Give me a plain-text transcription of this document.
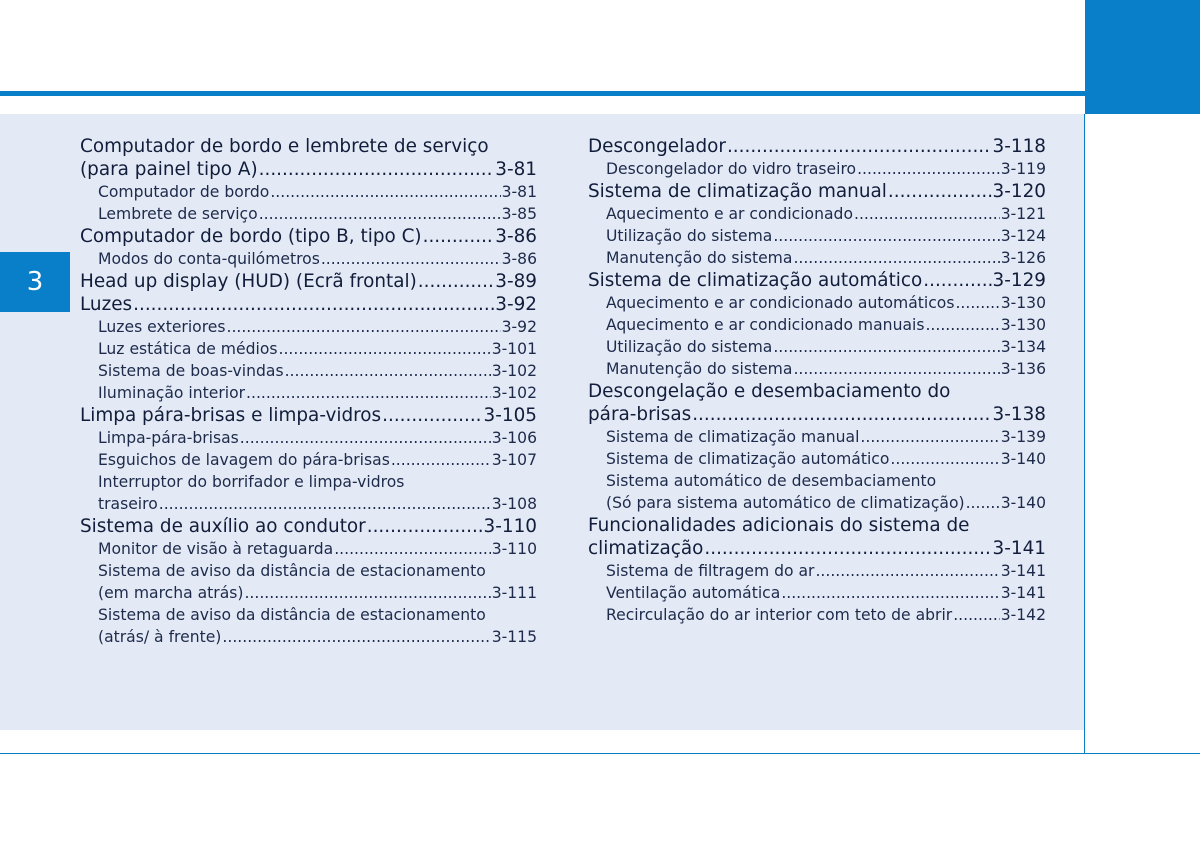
3
Computador de bordo e lembrete de serviço
(para painel tipo A) .....	3-81
Computador de bordo .....	3-81
Lembrete de serviço .....	3-85
Computador de bordo (tipo B, tipo C) .....	3-86
Modos do conta-quilómetros .....	3-86
Head up display (HUD) (Ecrã frontal) .....	3-89
Luzes .....	3-92
Luzes exteriores .....	3-92
Luz estática de médios .....	3-101
Sistema de boas-vindas .....	3-102
Iluminação interior .....	3-102
Limpa pára-brisas e limpa-vidros .....	3-105
Limpa-pára-brisas .....	3-106
Esguichos de lavagem do pára-brisas .....	3-107
Interruptor do borrifador e limpa-vidros
traseiro .....	3-108
Sistema de auxílio ao condutor .....	3-110
Monitor de visão à retaguarda .....	3-110
Sistema de aviso da distância de estacionamento
(em marcha atrás) .....	3-111
Sistema de aviso da distância de estacionamento
(atrás/ à frente) .....	3-115
Descongelador .....	3-118
Descongelador do vidro traseiro .....	3-119
Sistema de climatização manual .....	3-120
Aquecimento e ar condicionado .....	3-121
Utilização do sistema .....	3-124
Manutenção do sistema .....	3-126
Sistema de climatização automático .....	3-129
Aquecimento e ar condicionado automáticos .....	3-130
Aquecimento e ar condicionado manuais .....	3-130
Utilização do sistema .....	3-134
Manutenção do sistema .....	3-136
Descongelação e desembaciamento do
pára-brisas .....	3-138
Sistema de climatização manual .....	3-139
Sistema de climatização automático .....	3-140
Sistema automático de desembaciamento
(Só para sistema automático de climatização) ..... 3-140
Funcionalidades adicionais do sistema de
climatização .....	3-141
Sistema de filtragem do ar .....	3-141
Ventilação automática .....	3-141
Recirculação do ar interior com teto de abrir .....	3-142
